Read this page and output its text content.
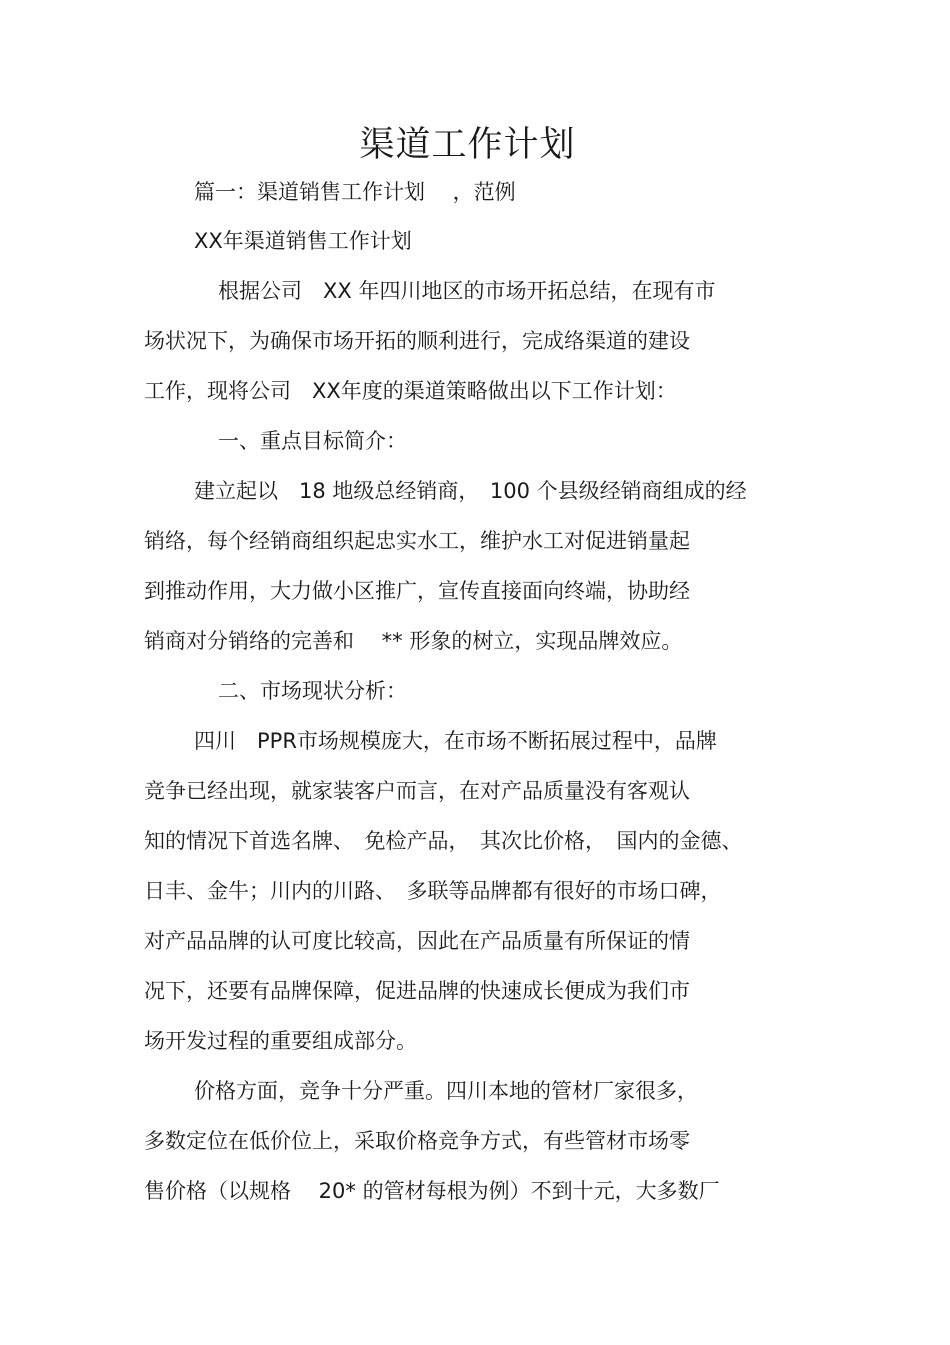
渠道工作计划
篇一：渠道销售工作计划　 ，范例
XX年渠道销售工作计划
根据公司　XX 年四川地区的市场开拓总结，在现有市
场状况下，为确保市场开拓的顺利进行，完成络渠道的建设
工作，现将公司　XX年度的渠道策略做出以下工作计划：
一、重点目标简介：
建立起以　18 地级总经销商，　100 个县级经销商组成的经
销络，每个经销商组织起忠实水工，维护水工对促进销量起
到推动作用，大力做小区推广，宣传直接面向终端，协助经
销商对分销络的完善和　 ** 形象的树立，实现品牌效应。
二、市场现状分析：
四川　PPR市场规模庞大，在市场不断拓展过程中，品牌
竞争已经出现，就家装客户而言，在对产品质量没有客观认
知的情况下首选名牌、　免检产品，　其次比价格，　国内的金德、
日丰、金牛；川内的川路、　多联等品牌都有很好的市场口碑，
对产品品牌的认可度比较高，因此在产品质量有所保证的情
况下，还要有品牌保障，促进品牌的快速成长便成为我们市
场开发过程的重要组成部分。
价格方面，竞争十分严重。四川本地的管材厂家很多，
多数定位在低价位上，采取价格竞争方式，有些管材市场零
售价格（以规格　 20* 的管材每根为例）不到十元，大多数厂
